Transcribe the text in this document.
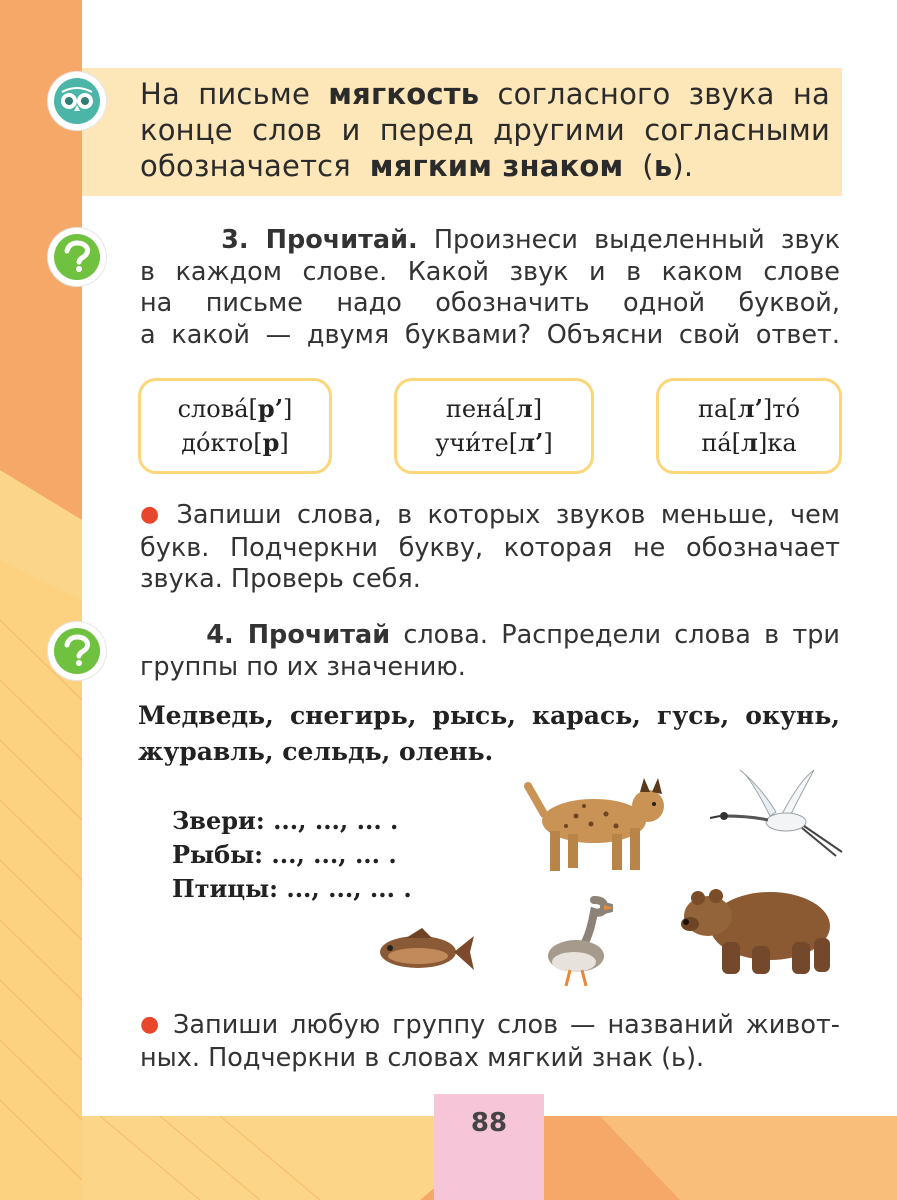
На письме мягкость согласного звука на
конце слов и перед другими согласными
обозначается мягким знаком (ь).
3. Прочитай. Произнеси выделенный звук
в каждом слове. Какой звук и в каком слове
на письме надо обозначить одной буквой,
а какой — двумя буквами? Объясни свой ответ.
слова́[р’]
до́кто[р]
пена́[л]
учи́те[л’]
па[л’]то́
па́[л]ка
● Запиши слова, в которых звуков меньше, чем
букв. Подчеркни букву, которая не обозначает
звука. Проверь себя.
4. Прочитай слова. Распредели слова в три
группы по их значению.
Медведь, снегирь, рысь, карась, гусь, окунь,
журавль, сельдь, олень.
Звери: ..., ..., ... .
Рыбы: ..., ..., ... .
Птицы: ..., ..., ... .
● Запиши любую группу слов — названий живот-
ных. Подчеркни в словах мягкий знак (ь).
88
